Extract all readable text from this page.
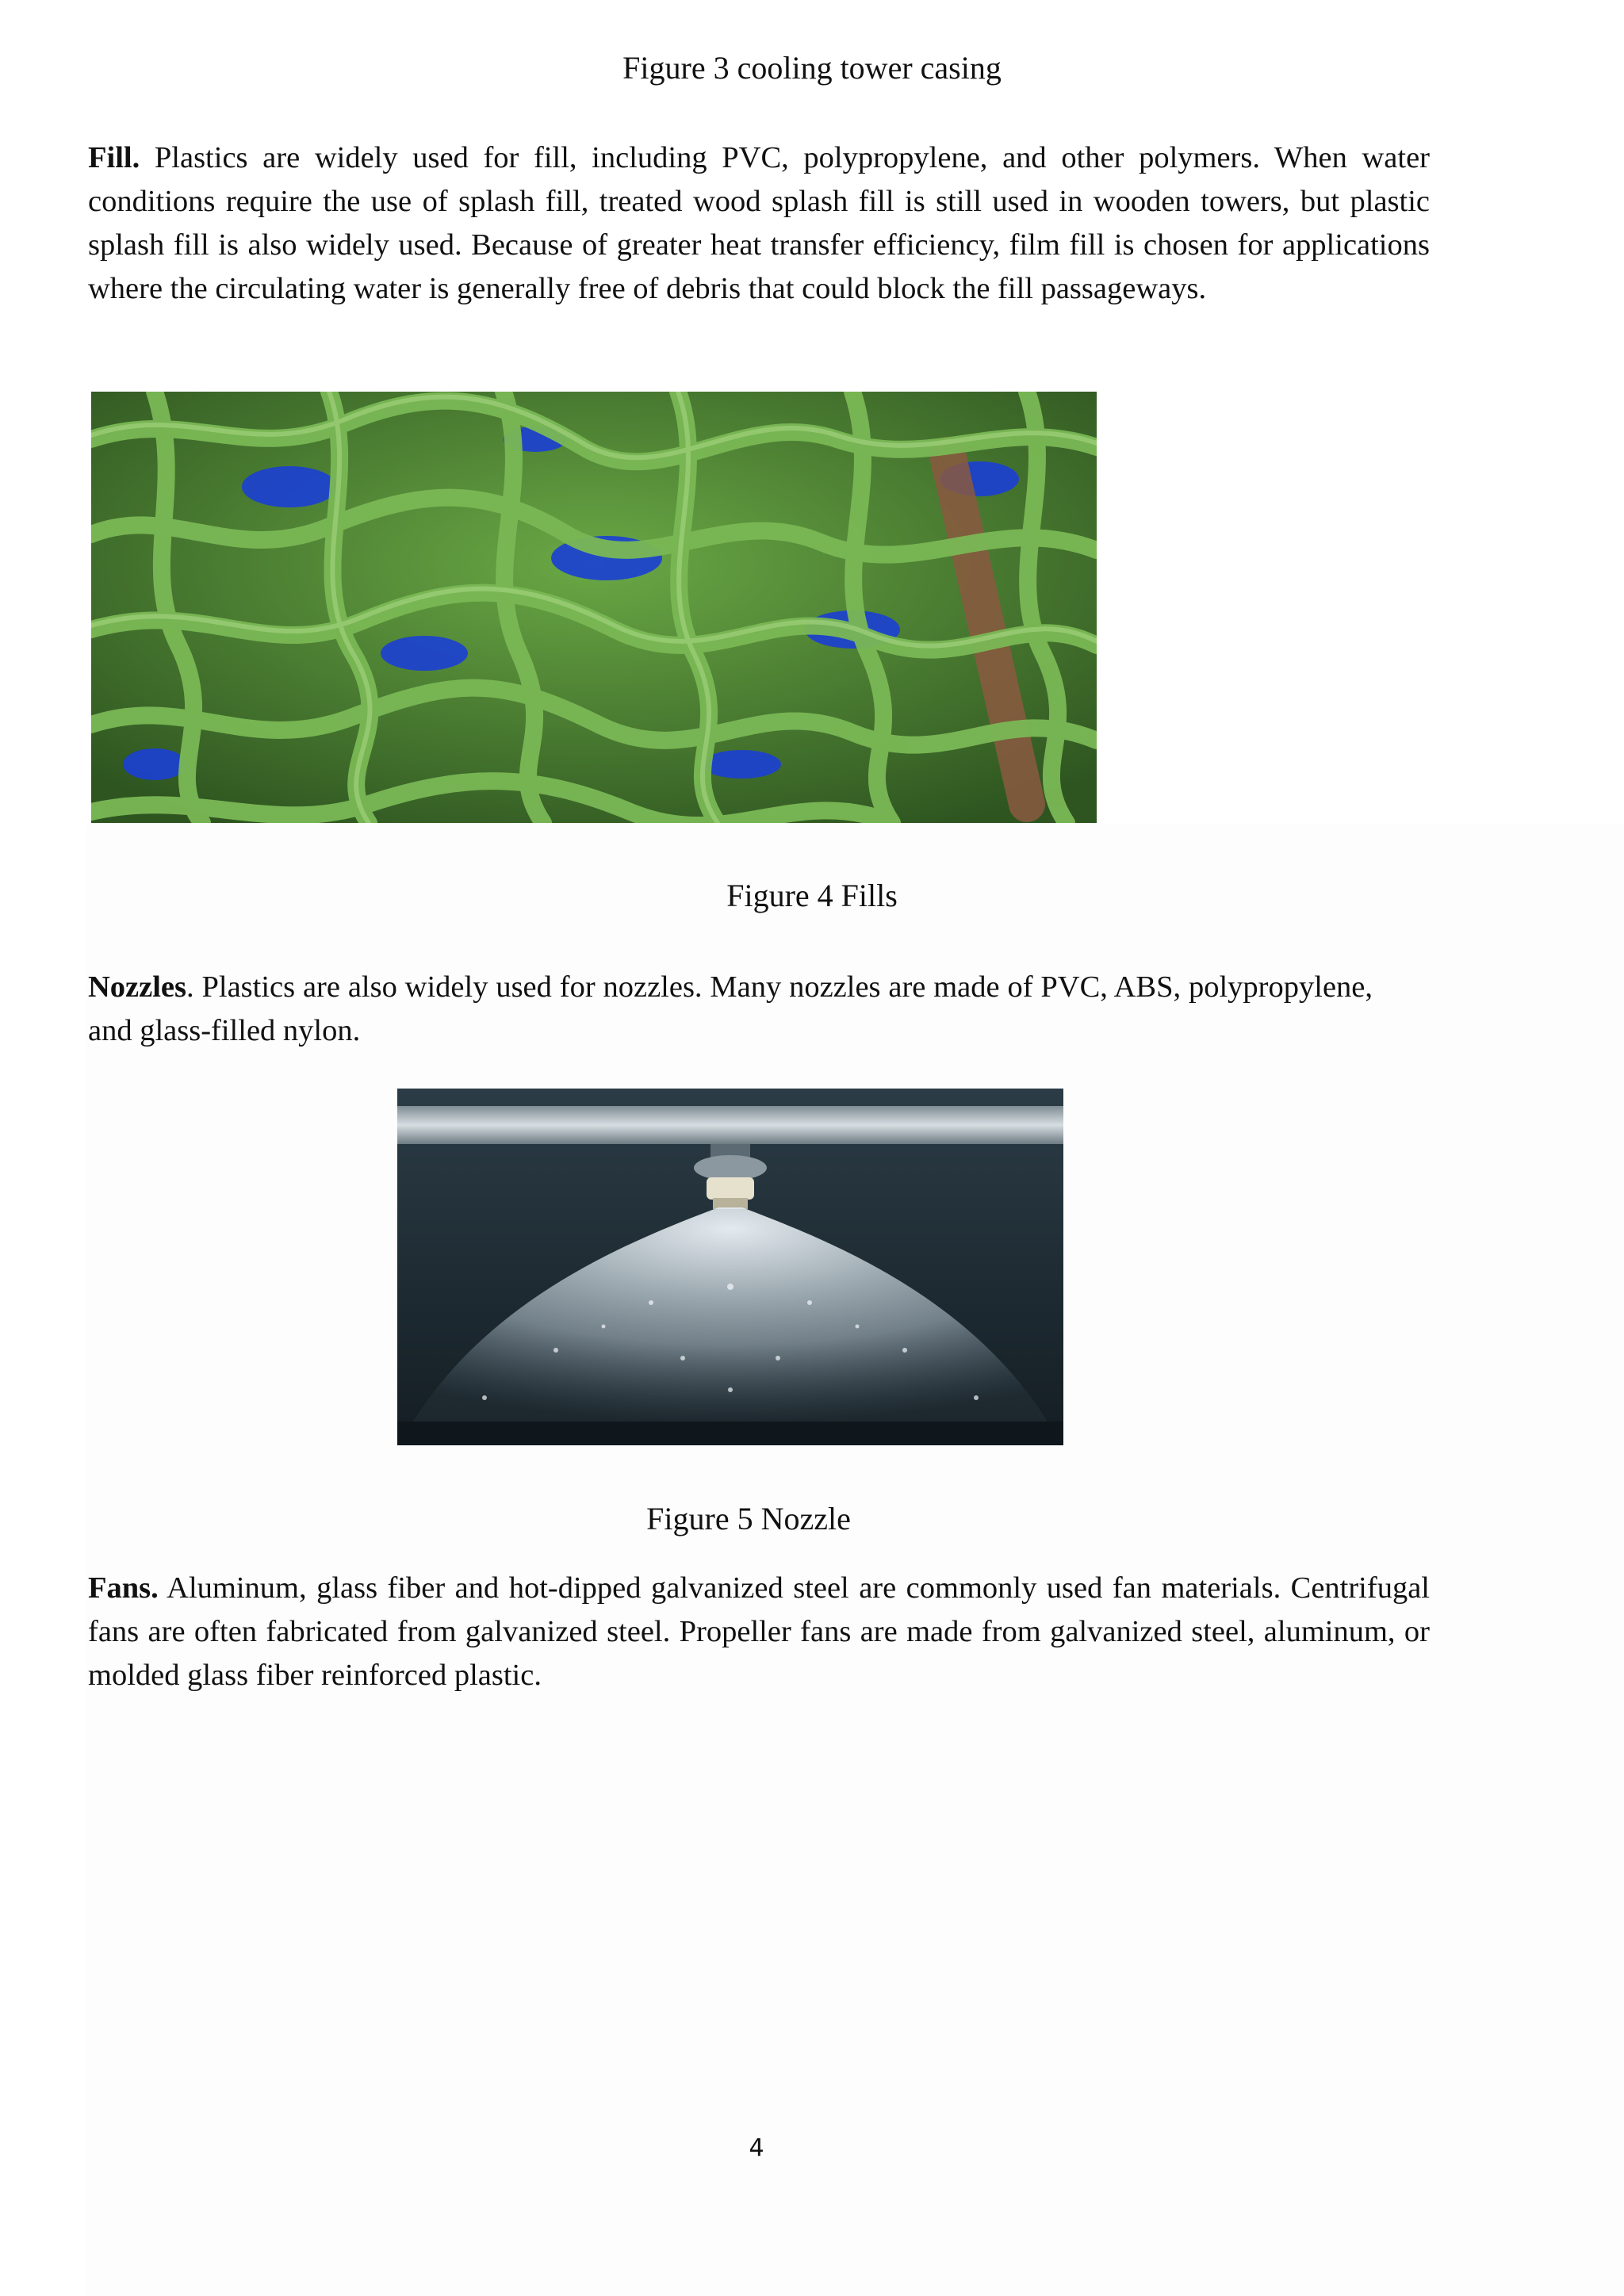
Figure 3 cooling tower casing

Fill. Plastics are widely used for fill, including PVC, polypropylene, and other polymers. When water conditions require the use of splash fill, treated wood splash fill is still used in wooden towers, but plastic splash fill is also widely used. Because of greater heat transfer efficiency, film fill is chosen for applications where the circulating water is generally free of debris that could block the fill passageways.

Figure 4 Fills

Nozzles. Plastics are also widely used for nozzles. Many nozzles are made of PVC, ABS, polypropylene, and glass-filled nylon.

Figure 5 Nozzle

Fans. Aluminum, glass fiber and hot-dipped galvanized steel are commonly used fan materials. Centrifugal fans are often fabricated from galvanized steel. Propeller fans are made from galvanized steel, aluminum, or molded glass fiber reinforced plastic.

4
